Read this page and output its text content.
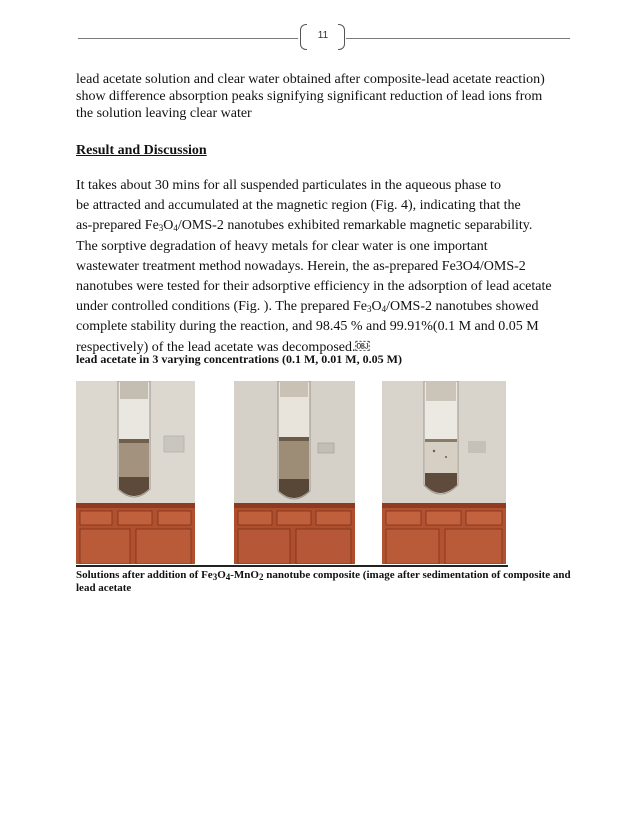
11
lead acetate solution and clear water obtained after composite-lead acetate reaction)
show difference absorption peaks signifying significant reduction of lead ions from
the solution leaving clear water
Result and Discussion
It takes about 30 mins for all suspended particulates in the aqueous phase to
be attracted and accumulated at the magnetic region (Fig. 4), indicating that the
as-prepared $Fe_3O_4/OMS-2$ nanotubes exhibited remarkable magnetic separability.
The sorptive degradation of heavy metals for clear water is one important
wastewater treatment method nowadays. Herein, the as-prepared Fe3O4/OMS-2
nanotubes were tested for their adsorptive efficiency in the adsorption of lead acetate
under controlled conditions (Fig. ). The prepared $Fe_3O_4/OMS-2$ nanotubes showed
complete stability during the reaction, and 98.45 % and 99.91%(0.1 M and 0.05 M
respectively) of the lead acetate was decomposed.￼
lead acetate in 3 varying concentrations (0.1 M, 0.01 M, 0.05 M)
Solutions after addition of $Fe_3O_4-MnO_2$ nanotube composite (image after sedimentation of composite and lead acetate
